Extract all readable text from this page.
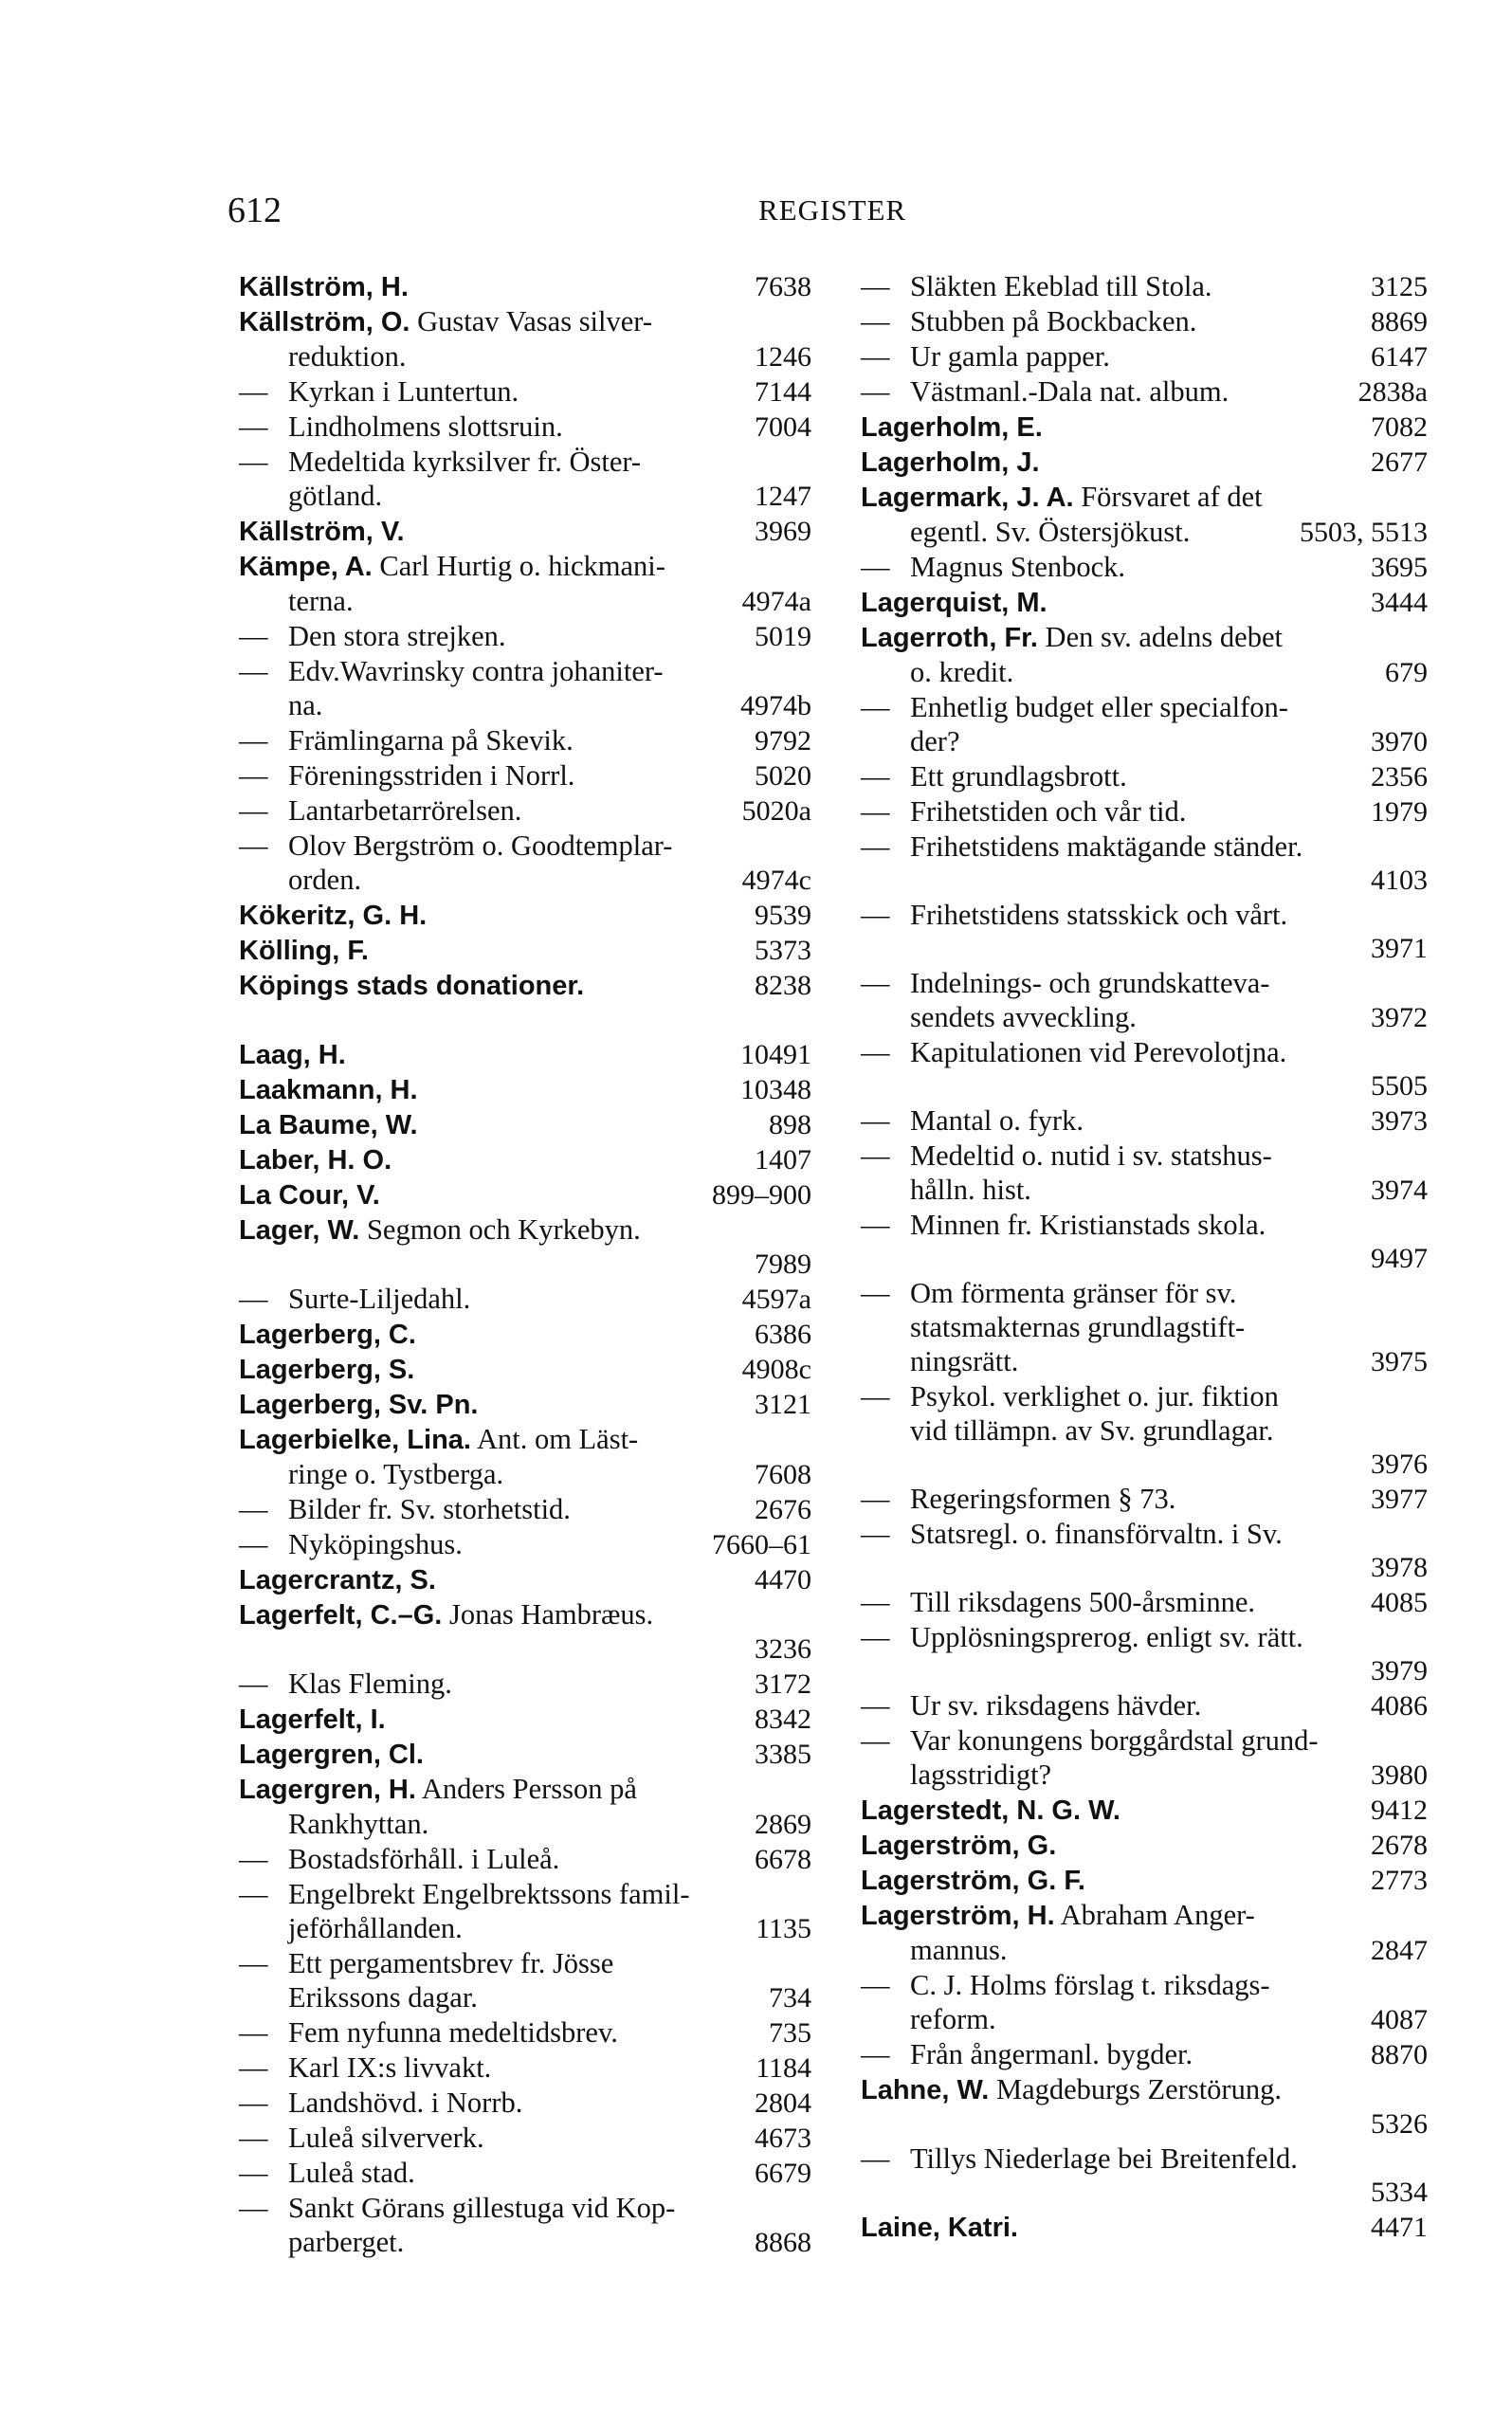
612	REGISTER
Källström, H.	7638
Källström, O. Gustav Vasas silver-
reduktion.	1246
— Kyrkan i Luntertun.	7144
— Lindholmens slottsruin.	7004
— Medeltida kyrksilver fr. Öster-
götland.	1247
Källström, V.	3969
Kämpe, A. Carl Hurtig o. hickmani-
terna.	4974a
— Den stora strejken.	5019
— Edv.Wavrinsky contra johaniter-
na.	4974b
— Främlingarna på Skevik.	9792
— Föreningsstriden i Norrl.	5020
— Lantarbetarrörelsen.	5020a
— Olov Bergström o. Goodtemplar-
orden.	4974c
Kökeritz, G. H.	9539
Kölling, F.	5373
Köpings stads donationer.	8238
Laag, H.	10491
Laakmann, H.	10348
La Baume, W.	898
Laber, H. O.	1407
La Cour, V.	899–900
Lager, W. Segmon och Kyrkebyn.
7989
— Surte-Liljedahl.	4597a
Lagerberg, C.	6386
Lagerberg, S.	4908c
Lagerberg, Sv. Pn.	3121
Lagerbielke, Lina. Ant. om Läst-
ringe o. Tystberga.	7608
— Bilder fr. Sv. storhetstid.	2676
— Nyköpingshus.	7660–61
Lagercrantz, S.	4470
Lagerfelt, C.–G. Jonas Hambræus.
3236
— Klas Fleming.	3172
Lagerfelt, I.	8342
Lagergren, Cl.	3385
Lagergren, H. Anders Persson på
Rankhyttan.	2869
— Bostadsförhåll. i Luleå.	6678
— Engelbrekt Engelbrektssons famil-
jeförhållanden.	1135
— Ett pergamentsbrev fr. Jösse
Erikssons dagar.	734
— Fem nyfunna medeltidsbrev.	735
— Karl IX:s livvakt.	1184
— Landshövd. i Norrb.	2804
— Luleå silververk.	4673
— Luleå stad.	6679
— Sankt Görans gillestuga vid Kop-
parberget.	8868
— Släkten Ekeblad till Stola.	3125
— Stubben på Bockbacken.	8869
— Ur gamla papper.	6147
— Västmanl.-Dala nat. album.	2838a
Lagerholm, E.	7082
Lagerholm, J.	2677
Lagermark, J. A. Försvaret af det
egentl. Sv. Östersjökust.	5503, 5513
— Magnus Stenbock.	3695
Lagerquist, M.	3444
Lagerroth, Fr. Den sv. adelns debet
o. kredit.	679
— Enhetlig budget eller specialfon-
der?	3970
— Ett grundlagsbrott.	2356
— Frihetstiden och vår tid.	1979
— Frihetstidens maktägande ständer.
4103
— Frihetstidens statsskick och vårt.
3971
— Indelnings- och grundskatteva-
sendets avveckling.	3972
— Kapitulationen vid Perevolotjna.
5505
— Mantal o. fyrk.	3973
— Medeltid o. nutid i sv. statshus-
hålln. hist.	3974
— Minnen fr. Kristianstads skola.
9497
— Om förmenta gränser för sv.
statsmakternas grundlagstift-
ningsrätt.	3975
— Psykol. verklighet o. jur. fiktion
vid tillämpn. av Sv. grundlagar.
3976
— Regeringsformen § 73.	3977
— Statsregl. o. finansförvaltn. i Sv.
3978
— Till riksdagens 500-årsminne.	4085
— Upplösningsprerog. enligt sv. rätt.
3979
— Ur sv. riksdagens hävder.	4086
— Var konungens borggårdstal grund-
lagsstridigt?	3980
Lagerstedt, N. G. W.	9412
Lagerström, G.	2678
Lagerström, G. F.	2773
Lagerström, H. Abraham Anger-
mannus.	2847
— C. J. Holms förslag t. riksdags-
reform.	4087
— Från ångermanl. bygder.	8870
Lahne, W. Magdeburgs Zerstörung.
5326
— Tillys Niederlage bei Breitenfeld.
5334
Laine, Katri.	4471
